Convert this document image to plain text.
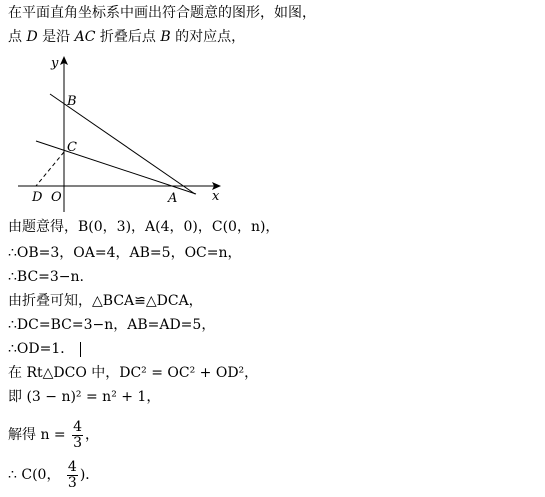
在平面直角坐标系中画出符合题意的图形，如图，
点 D 是沿 AC 折叠后点 B 的对应点，
y
x
B
C
O	A
D
由题意得，B(0，3)，A(4，0)，C(0，n)，
∴OB=3，OA=4，AB=5，OC=n，
∴BC=3−n.
由折叠可知，△BCA≌△DCA，
∴DC=BC=3−n，AB=AD=5，
∴OD=1．
在 Rt△DCO 中，DC² = OC² + OD²，
即 (3 − n)² = n² + 1，
解得 $n = \frac{4}{3}$ ，
∴ C(0， $\frac{4}{3}$ )．
